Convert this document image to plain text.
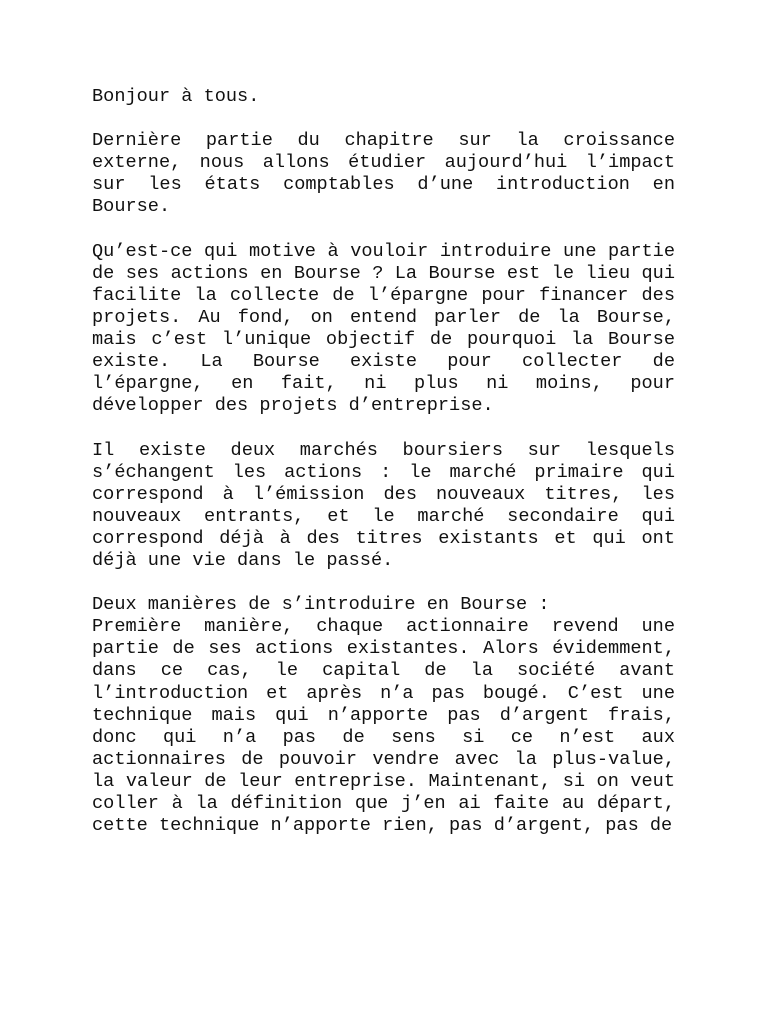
Bonjour à tous.

Dernière partie du chapitre sur la croissance externe, nous allons étudier aujourd’hui l’impact sur les états comptables d’une introduction en Bourse.

Qu’est-ce qui motive à vouloir introduire une partie de ses actions en Bourse ? La Bourse est le lieu qui facilite la collecte de l’épargne pour financer des projets. Au fond, on entend parler de la Bourse, mais c’est l’unique objectif de pourquoi la Bourse existe. La Bourse existe pour collecter de l’épargne, en fait, ni plus ni moins, pour développer des projets d’entreprise.

Il existe deux marchés boursiers sur lesquels s’échangent les actions : le marché primaire qui correspond à l’émission des nouveaux titres, les nouveaux entrants, et le marché secondaire qui correspond déjà à des titres existants et qui ont déjà une vie dans le passé.

Deux manières de s’introduire en Bourse :

Première manière, chaque actionnaire revend une partie de ses actions existantes. Alors évidemment, dans ce cas, le capital de la société avant l’introduction et après n’a pas bougé. C’est une technique mais qui n’apporte pas d’argent frais, donc qui n’a pas de sens si ce n’est aux actionnaires de pouvoir vendre avec la plus-value, la valeur de leur entreprise. Maintenant, si on veut coller à la définition que j’en ai faite au départ, cette technique n’apporte rien, pas d’argent, pas de
